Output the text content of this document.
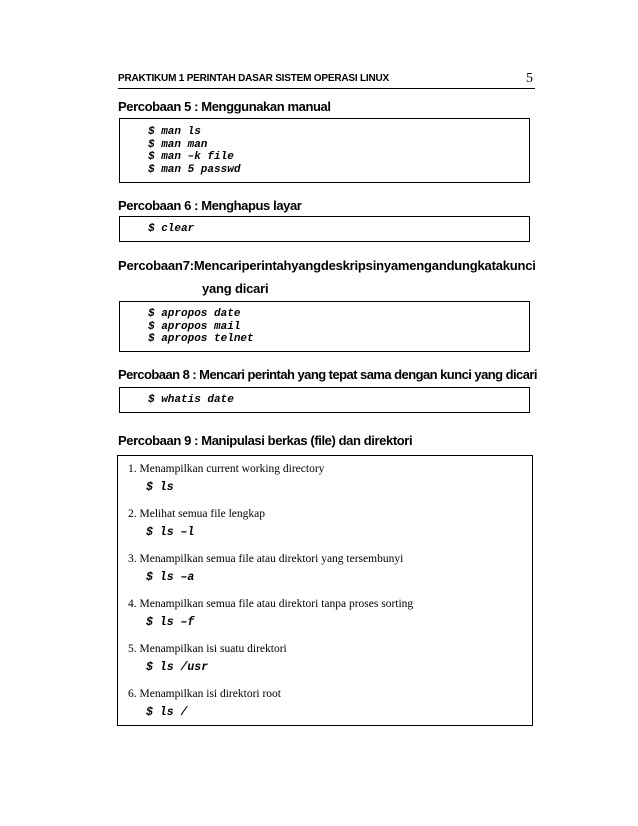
PRAKTIKUM 1 PERINTAH DASAR SISTEM OPERASI LINUX	5
Percobaan 5 : Menggunakan manual
$ man ls
$ man man
$ man –k file
$ man 5 passwd
Percobaan 6 : Menghapus layar
$ clear
Percobaan 7 : Mencari perintah yang deskripsinya mengandung kata kunci
yang dicari
$ apropos date
$ apropos mail
$ apropos telnet
Percobaan 8 : Mencari perintah yang tepat sama dengan kunci yang dicari
$ whatis date
Percobaan 9 : Manipulasi berkas (file) dan direktori
1. Menampilkan current working directory
$ ls
2. Melihat semua file lengkap
$ ls –l
3. Menampilkan semua file atau direktori yang tersembunyi
$ ls –a
4. Menampilkan semua file atau direktori tanpa proses sorting
$ ls –f
5. Menampilkan isi suatu direktori
$ ls /usr
6. Menampilkan isi direktori root
$ ls /
